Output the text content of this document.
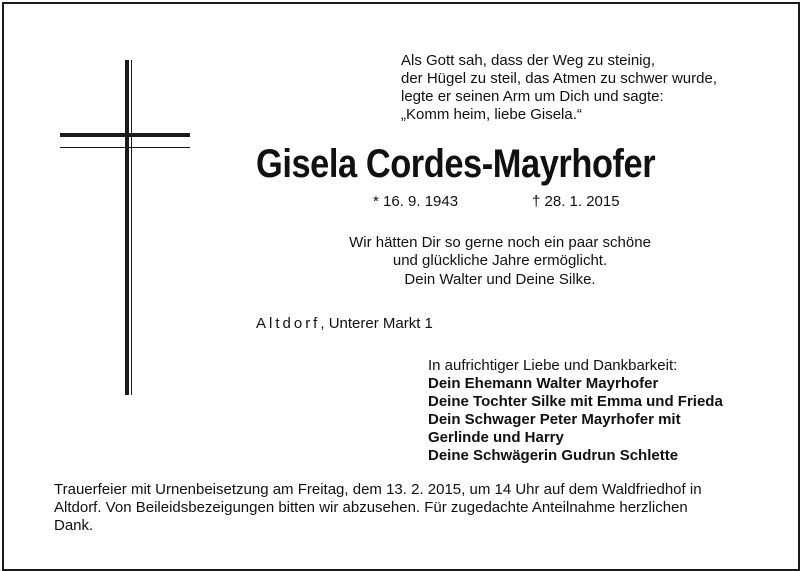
Als Gott sah, dass der Weg zu steinig,
der Hügel zu steil, das Atmen zu schwer wurde,
legte er seinen Arm um Dich und sagte:
„Komm heim, liebe Gisela.“
Gisela Cordes-Mayrhofer
* 16. 9. 1943	† 28. 1. 2015
Wir hätten Dir so gerne noch ein paar schöne
und glückliche Jahre ermöglicht.
Dein Walter und Deine Silke.
Altdorf, Unterer Markt 1
In aufrichtiger Liebe und Dankbarkeit:
Dein Ehemann Walter Mayrhofer
Deine Tochter Silke mit Emma und Frieda
Dein Schwager Peter Mayrhofer mit
Gerlinde und Harry
Deine Schwägerin Gudrun Schlette
Trauerfeier mit Urnenbeisetzung am Freitag, dem 13. 2. 2015, um 14 Uhr auf dem Waldfriedhof in
Altdorf. Von Beileidsbezeigungen bitten wir abzusehen. Für zugedachte Anteilnahme herzlichen
Dank.
